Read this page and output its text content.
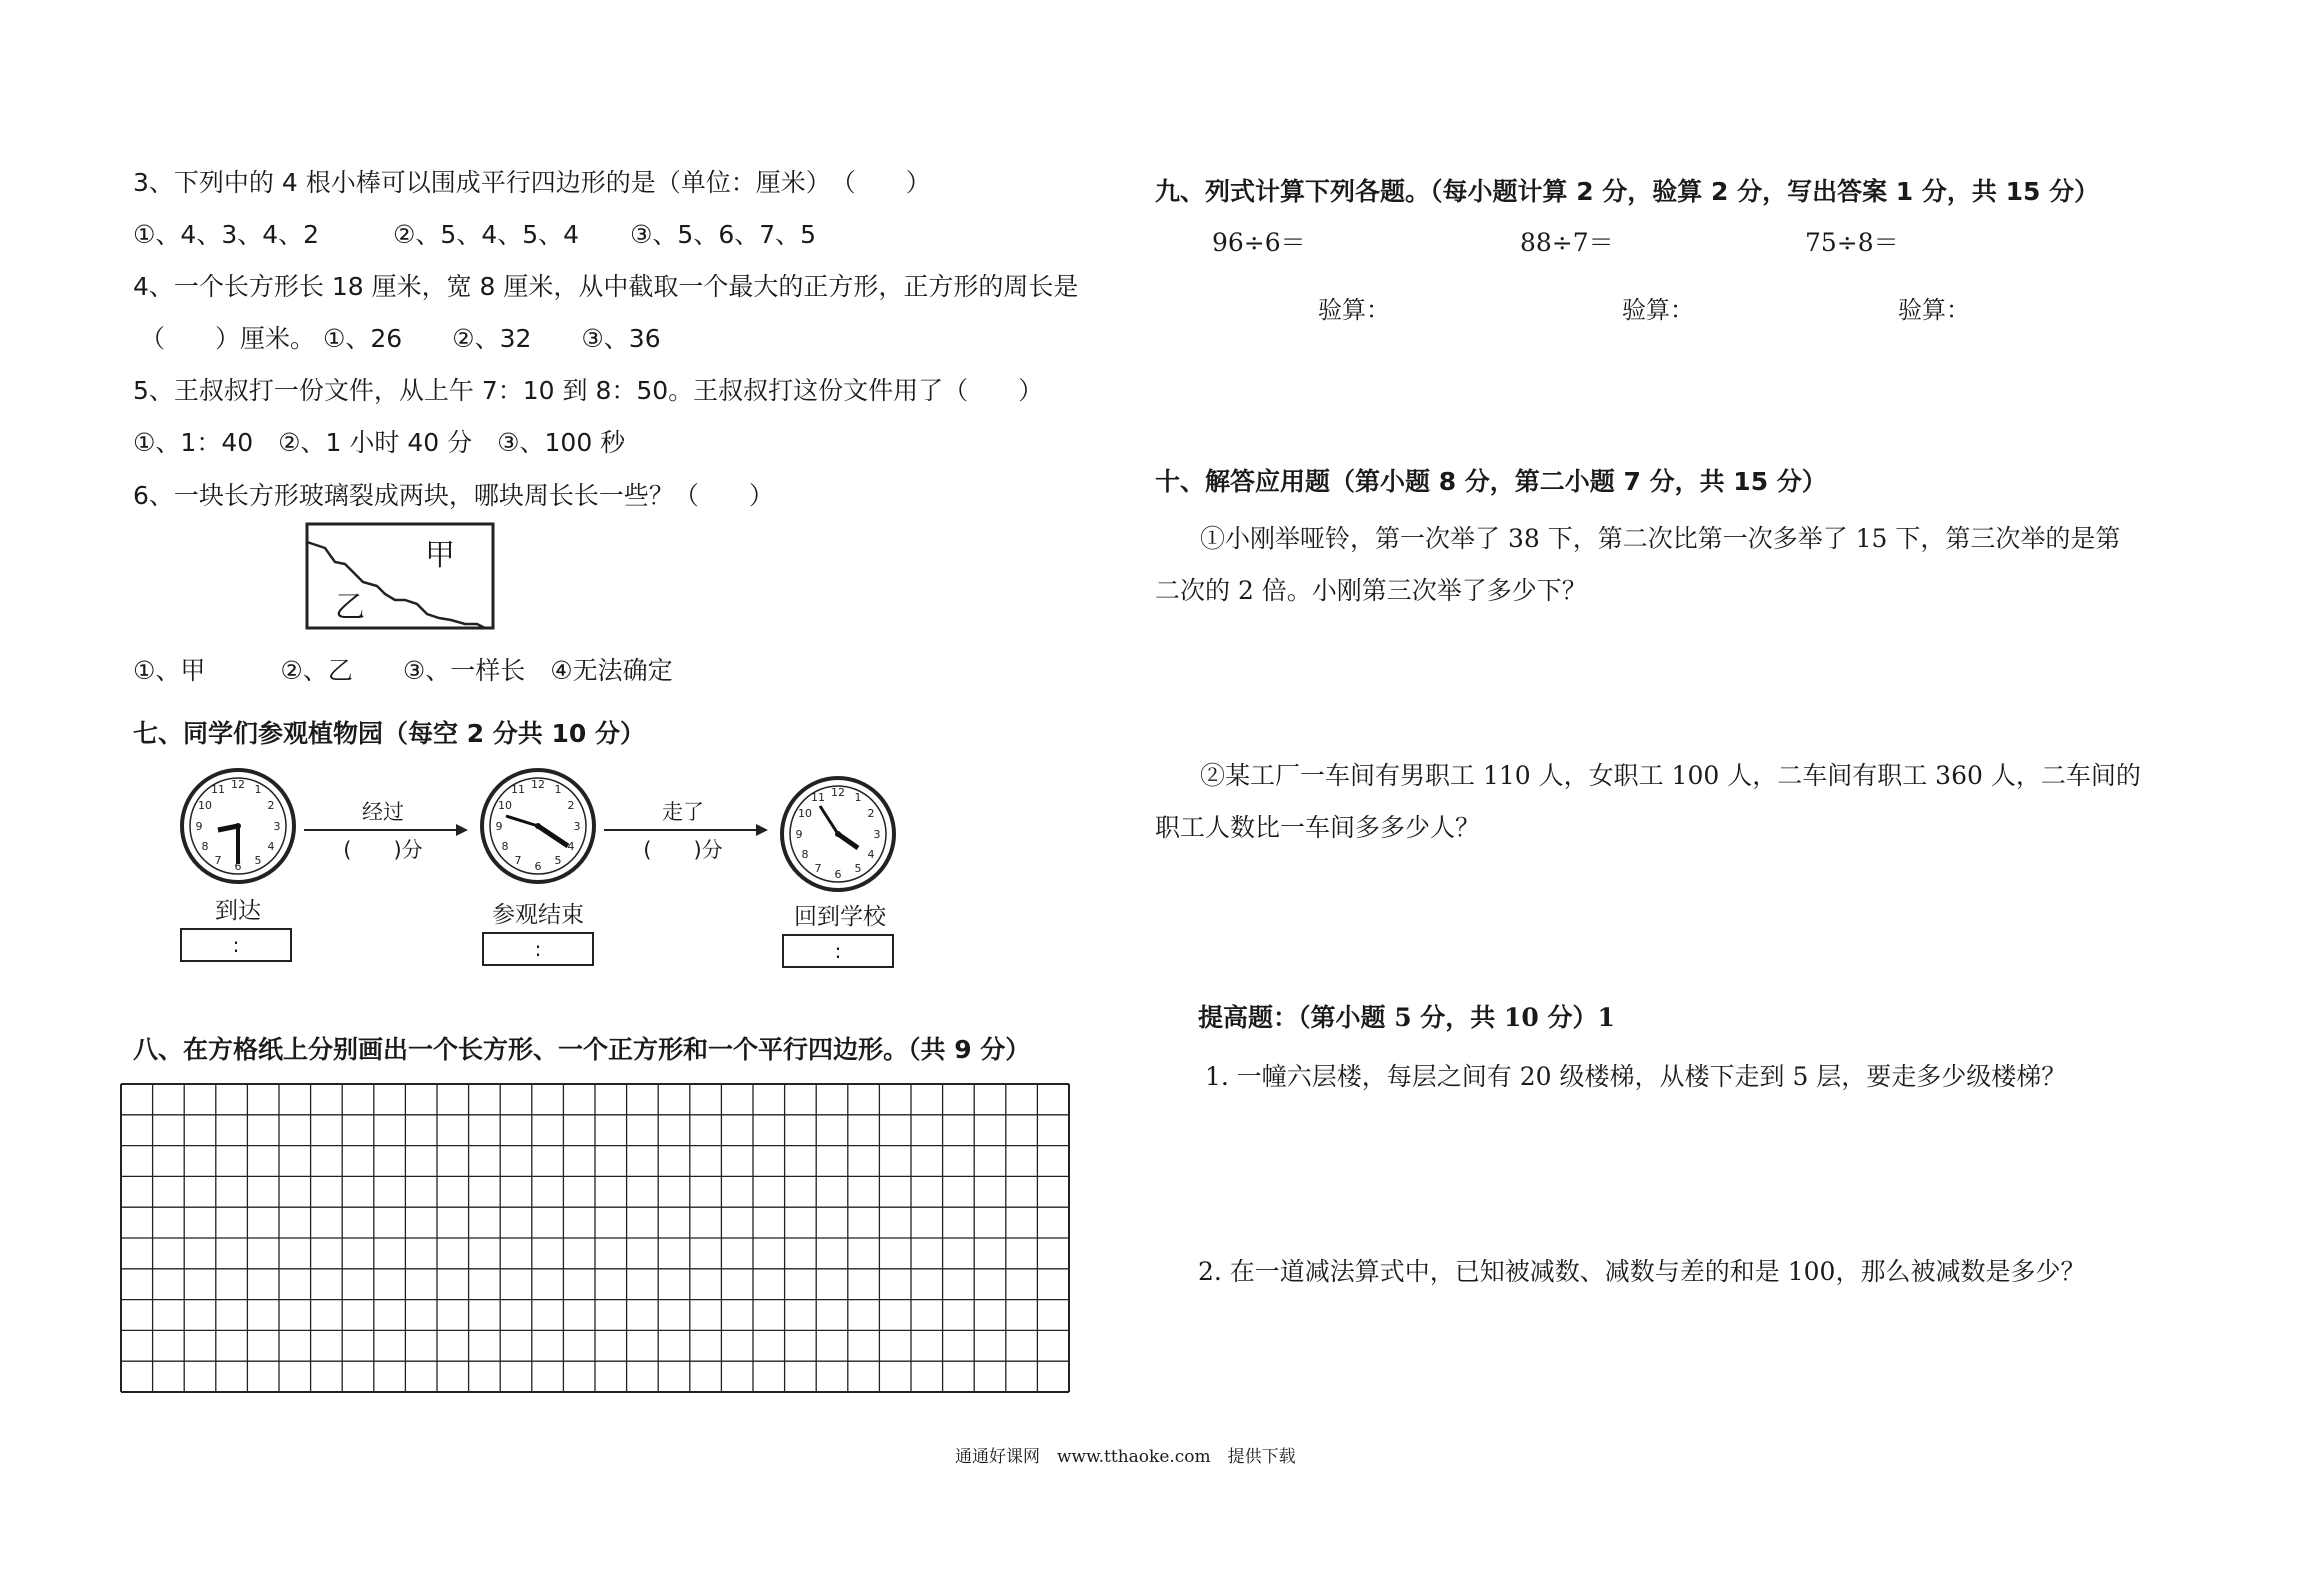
3、下列中的 4 根小棒可以围成平行四边形的是（单位：厘米）　（　　）
①、4、3、4、2	②、5、4、5、4 ③、5、6、7、5
4、一个长方形长 18 厘米，宽 8 厘米，从中截取一个最大的正方形，正方形的周长是
（　　）厘米。 ①、26　　②、32　　③、36
5、王叔叔打一份文件，从上午 7：10 到 8：50。王叔叔打这份文件用了（　　）
①、1：40　②、1 小时 40 分　③、100 秒
6、一块长方形玻璃裂成两块，哪块周长长一些？（　　）
甲
乙
①、甲　　　②、乙　　③、一样长　④无法确定
七、同学们参观植物园（每空 2 分共 10 分）
12 1
2
3
4
5
6
7
8
9
10
11	12 1
2
3
4
5
6
7
8
9
10
11	12 1
2
3
4
5
6
7
8
9
10
11
经过
(　　)分
走了
(　　)分
到达	参观结束	回到学校
:	:	:
八、在方格纸上分别画出一个长方形、一个正方形和一个平行四边形。（共 9 分）
九、列式计算下列各题。（每小题计算 2 分，验算 2 分，写出答案 1 分，共 15 分）
96÷6＝	88÷7＝	75÷8＝
验算：	验算：	验算：
十、解答应用题（第小题 8 分，第二小题 7 分，共 15 分）
①小刚举哑铃，第一次举了 38 下，第二次比第一次多举了 15 下，第三次举的是第
二次的 2 倍。小刚第三次举了多少下？
②某工厂一车间有男职工 110 人，女职工 100 人，二车间有职工 360 人，二车间的
职工人数比一车间多多少人？
提高题：（第小题 5 分，共 10 分）1
1. 一幢六层楼，每层之间有 20 级楼梯，从楼下走到 5 层，要走多少级楼梯？
2. 在一道减法算式中，已知被减数、减数与差的和是 100，那么被减数是多少？
通通好课网　www.tthaoke.com　提供下载
